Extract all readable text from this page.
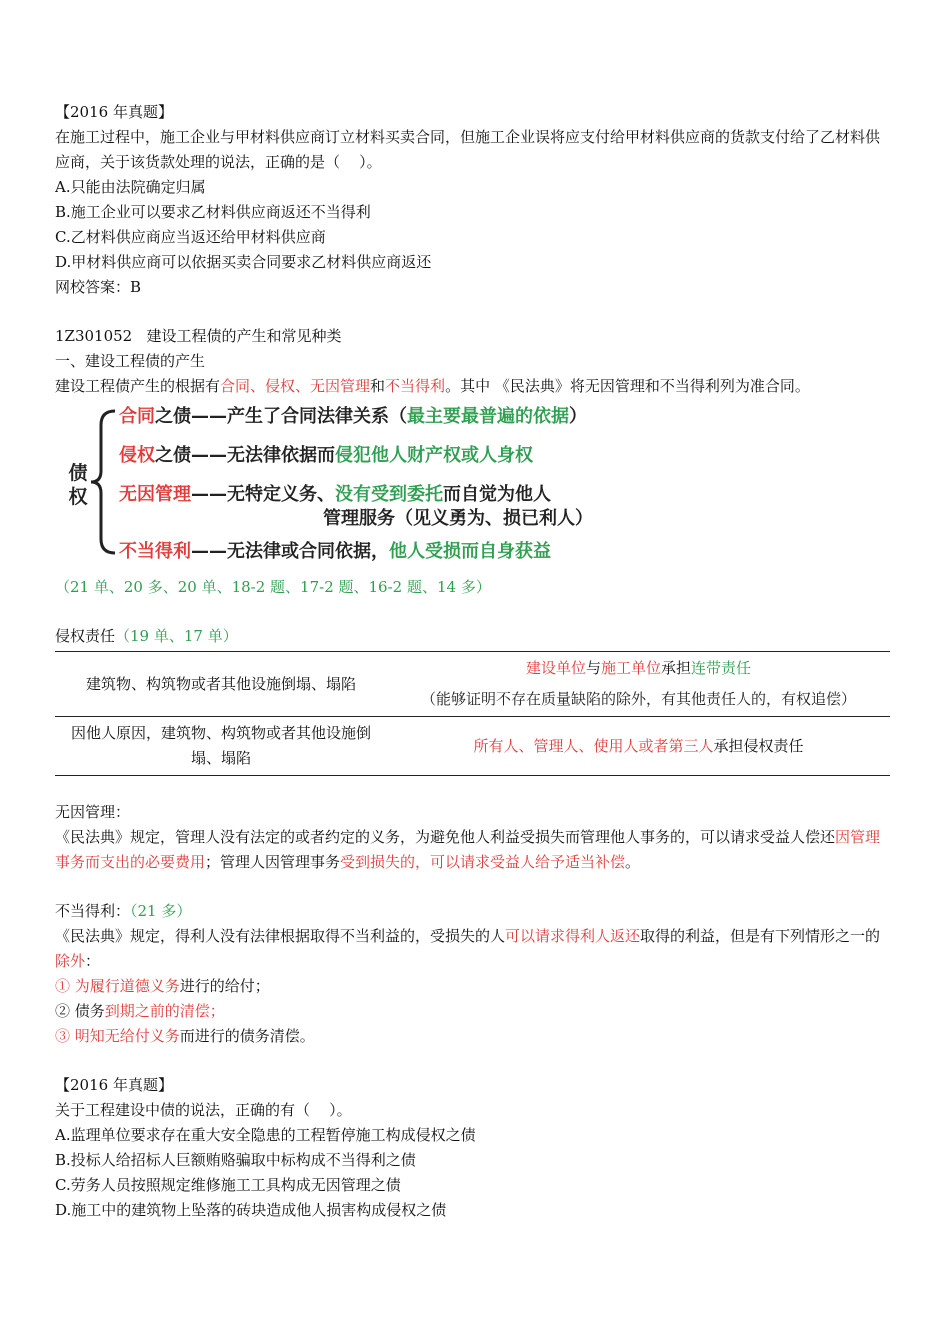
【2016 年真题】

在施工过程中，施工企业与甲材料供应商订立材料买卖合同，但施工企业误将应支付给甲材料供应商的货款支付给了乙材料供应商，关于该货款处理的说法，正确的是（    ）。

A.只能由法院确定归属

B.施工企业可以要求乙材料供应商返还不当得利

C.乙材料供应商应当返还给甲材料供应商

D.甲材料供应商可以依据买卖合同要求乙材料供应商返还

网校答案：B

1Z301052   建设工程债的产生和常见种类

一、建设工程债的产生

建设工程债产生的根据有合同、侵权、无因管理和不当得利。其中 《民法典》将无因管理和不当得利列为准合同。

债权
合同之债——产生了合同法律关系（最主要最普遍的依据）
侵权之债——无法律依据而侵犯他人财产权或人身权
无因管理——无特定义务、没有受到委托而自觉为他人
管理服务（见义勇为、损已利人）
不当得利——无法律或合同依据，他人受损而自身获益

（21 单、20 多、20 单、18-2 题、17-2 题、16-2 题、14 多）

侵权责任（19 单、17 单）

建筑物、构筑物或者其他设施倒塌、塌陷	建设单位与施工单位承担连带责任
（能够证明不存在质量缺陷的除外，有其他责任人的，有权追偿）

因他人原因，建筑物、构筑物或者其他设施倒塌、塌陷	所有人、管理人、使用人或者第三人承担侵权责任

无因管理：

《民法典》规定，管理人没有法定的或者约定的义务，为避免他人利益受损失而管理他人事务的，可以请求受益人偿还因管理事务而支出的必要费用；管理人因管理事务受到损失的，可以请求受益人给予适当补偿。

不当得利：（21 多）

《民法典》规定，得利人没有法律根据取得不当利益的，受损失的人可以请求得利人返还取得的利益，但是有下列情形之一的除外：

① 为履行道德义务进行的给付；

② 债务到期之前的清偿；

③ 明知无给付义务而进行的债务清偿。

【2016 年真题】

关于工程建设中债的说法，正确的有（    ）。

A.监理单位要求存在重大安全隐患的工程暂停施工构成侵权之债

B.投标人给招标人巨额贿赂骗取中标构成不当得利之债

C.劳务人员按照规定维修施工工具构成无因管理之债

D.施工中的建筑物上坠落的砖块造成他人损害构成侵权之债
